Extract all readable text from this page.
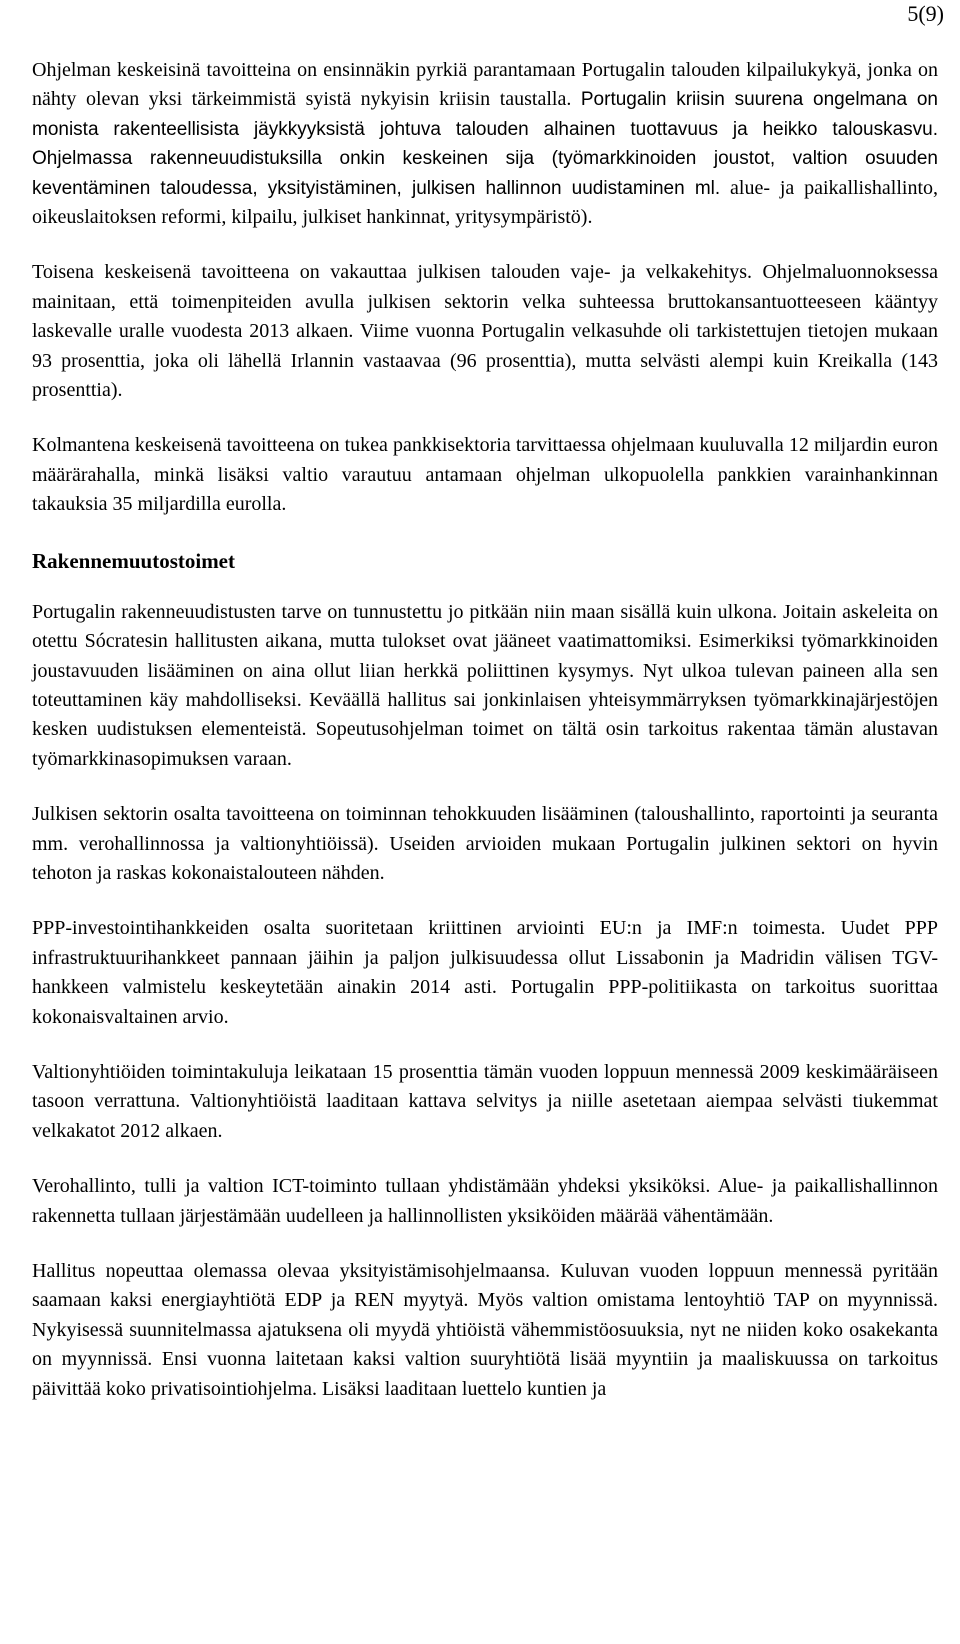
5(9)

Ohjelman keskeisinä tavoitteina on ensinnäkin pyrkiä parantamaan Portugalin talouden kilpailukykyä, jonka on nähty olevan yksi tärkeimmistä syistä nykyisin kriisin taustalla. Portugalin kriisin suurena ongelmana on monista rakenteellisista jäykkyyksistä johtuva talouden alhainen tuottavuus ja heikko talouskasvu. Ohjelmassa rakenneuudistuksilla onkin keskeinen sija (työmarkkinoiden joustot, valtion osuuden keventäminen taloudessa, yksityistäminen, julkisen hallinnon uudistaminen ml. alue- ja paikallishallinto, oikeuslaitoksen reformi, kilpailu, julkiset hankinnat, yritysympäristö).

Toisena keskeisenä tavoitteena on vakauttaa julkisen talouden vaje- ja velkakehitys. Ohjelmaluonnoksessa mainitaan, että toimenpiteiden avulla julkisen sektorin velka suhteessa bruttokansantuotteeseen kääntyy laskevalle uralle vuodesta 2013 alkaen. Viime vuonna Portugalin velkasuhde oli tarkistettujen tietojen mukaan 93 prosenttia, joka oli lähellä Irlannin vastaavaa (96 prosenttia), mutta selvästi alempi kuin Kreikalla (143 prosenttia).

Kolmantena keskeisenä tavoitteena on tukea pankkisektoria tarvittaessa ohjelmaan kuuluvalla 12 miljardin euron määrärahalla, minkä lisäksi valtio varautuu antamaan ohjelman ulkopuolella pankkien varainhankinnan takauksia 35 miljardilla eurolla.

Rakennemuutostoimet

Portugalin rakenneuudistusten tarve on tunnustettu jo pitkään niin maan sisällä kuin ulkona. Joitain askeleita on otettu Sócratesin hallitusten aikana, mutta tulokset ovat jääneet vaatimattomiksi. Esimerkiksi työmarkkinoiden joustavuuden lisääminen on aina ollut liian herkkä poliittinen kysymys. Nyt ulkoa tulevan paineen alla sen toteuttaminen käy mahdolliseksi. Keväällä hallitus sai jonkinlaisen yhteisymmärryksen työmarkkinajärjestöjen kesken uudistuksen elementeistä. Sopeutusohjelman toimet on tältä osin tarkoitus rakentaa tämän alustavan työmarkkinasopimuksen varaan.

Julkisen sektorin osalta tavoitteena on toiminnan tehokkuuden lisääminen (taloushallinto, raportointi ja seuranta mm. verohallinnossa ja valtionyhtiöissä). Useiden arvioiden mukaan Portugalin julkinen sektori on hyvin tehoton ja raskas kokonaistalouteen nähden.

PPP-investointihankkeiden osalta suoritetaan kriittinen arviointi EU:n ja IMF:n toimesta. Uudet PPP infrastruktuurihankkeet pannaan jäihin ja paljon julkisuudessa ollut Lissabonin ja Madridin välisen TGV-hankkeen valmistelu keskeytetään ainakin 2014 asti. Portugalin PPP-politiikasta on tarkoitus suorittaa kokonaisvaltainen arvio.

Valtionyhtiöiden toimintakuluja leikataan 15 prosenttia tämän vuoden loppuun mennessä 2009 keskimääräiseen tasoon verrattuna. Valtionyhtiöistä laaditaan kattava selvitys ja niille asetetaan aiempaa selvästi tiukemmat velkakatot 2012 alkaen.

Verohallinto, tulli ja valtion ICT-toiminto tullaan yhdistämään yhdeksi yksiköksi. Alue- ja paikallishallinnon rakennetta tullaan järjestämään uudelleen ja hallinnollisten yksiköiden määrää vähentämään.

Hallitus nopeuttaa olemassa olevaa yksityistämisohjelmaansa. Kuluvan vuoden loppuun mennessä pyritään saamaan kaksi energiayhtiötä EDP ja REN myytyä. Myös valtion omistama lentoyhtiö TAP on myynnissä. Nykyisessä suunnitelmassa ajatuksena oli myydä yhtiöistä vähemmistöosuuksia, nyt ne niiden koko osakekanta on myynnissä. Ensi vuonna laitetaan kaksi valtion suuryhtiötä lisää myyntiin ja maaliskuussa on tarkoitus päivittää koko privatisointiohjelma. Lisäksi laaditaan luettelo kuntien ja
